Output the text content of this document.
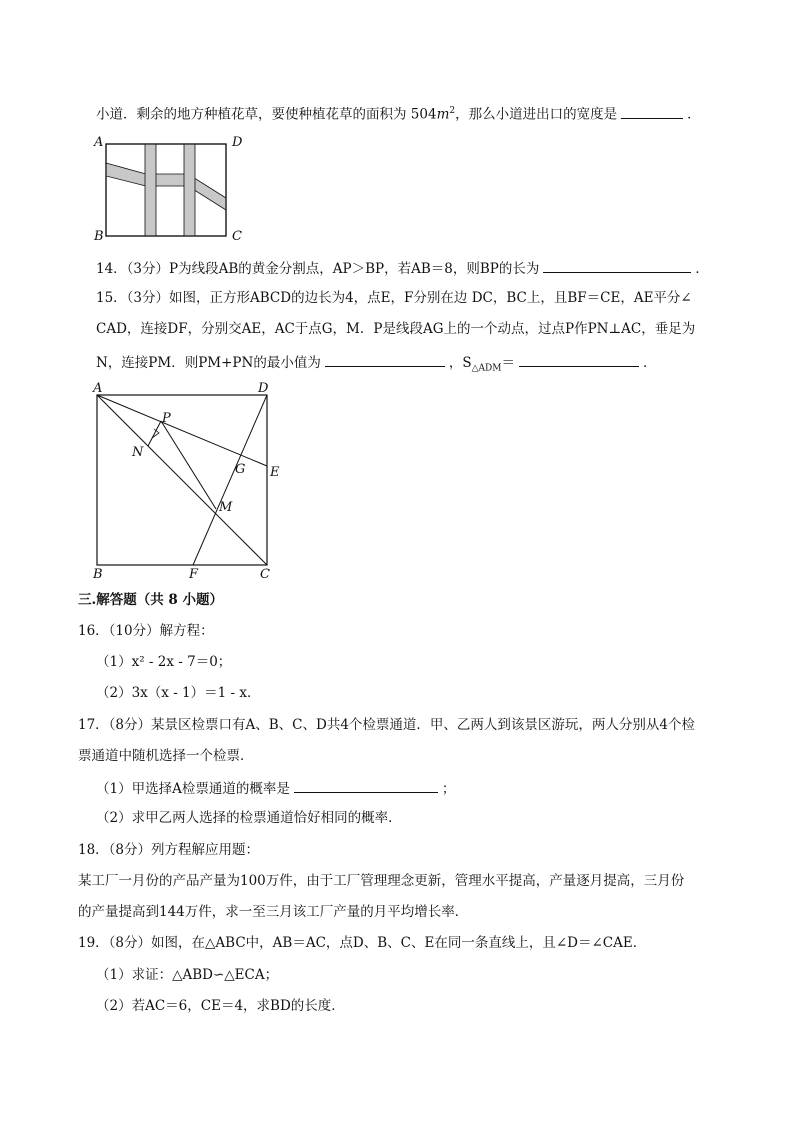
小道．剩余的地方种植花草，要使种植花草的面积为 $504m^2$，那么小道进出口的宽度是	．
A	D
B	C
14．（3分）P为线段AB的黄金分割点，AP＞BP，若AB＝8，则BP的长为	．
15．（3分）如图，正方形ABCD的边长为4，点E，F分别在边 DC，BC上，且BF＝CE，AE平分∠
CAD，连接DF，分别交AE，AC于点G，M．P是线段AG上的一个动点，过点P作PN⊥AC，垂足为
N，连接PM．则PM+PN的最小值为	，$S_{\triangle ADM}=$	．
A	D
B	C
E
F
G
M
N
P
三.解答题（共 8 小题）
16．（10分）解方程：
（1）x² - 2x - 7＝0；
（2）3x（x - 1）＝1 - x．
17．（8分）某景区检票口有A、B、C、D共4个检票通道．甲、乙两人到该景区游玩，两人分别从4个检
票通道中随机选择一个检票．
（1）甲选择A检票通道的概率是	；
（2）求甲乙两人选择的检票通道恰好相同的概率．
18．（8分）列方程解应用题：
某工厂一月份的产品产量为100万件，由于工厂管理理念更新，管理水平提高，产量逐月提高，三月份
的产量提高到144万件，求一至三月该工厂产量的月平均增长率．
19．（8分）如图，在△ABC中，AB＝AC，点D、B、C、E在同一条直线上，且∠D＝∠CAE．
（1）求证：△ABD∽△ECA；
（2）若AC＝6，CE＝4，求BD的长度．
